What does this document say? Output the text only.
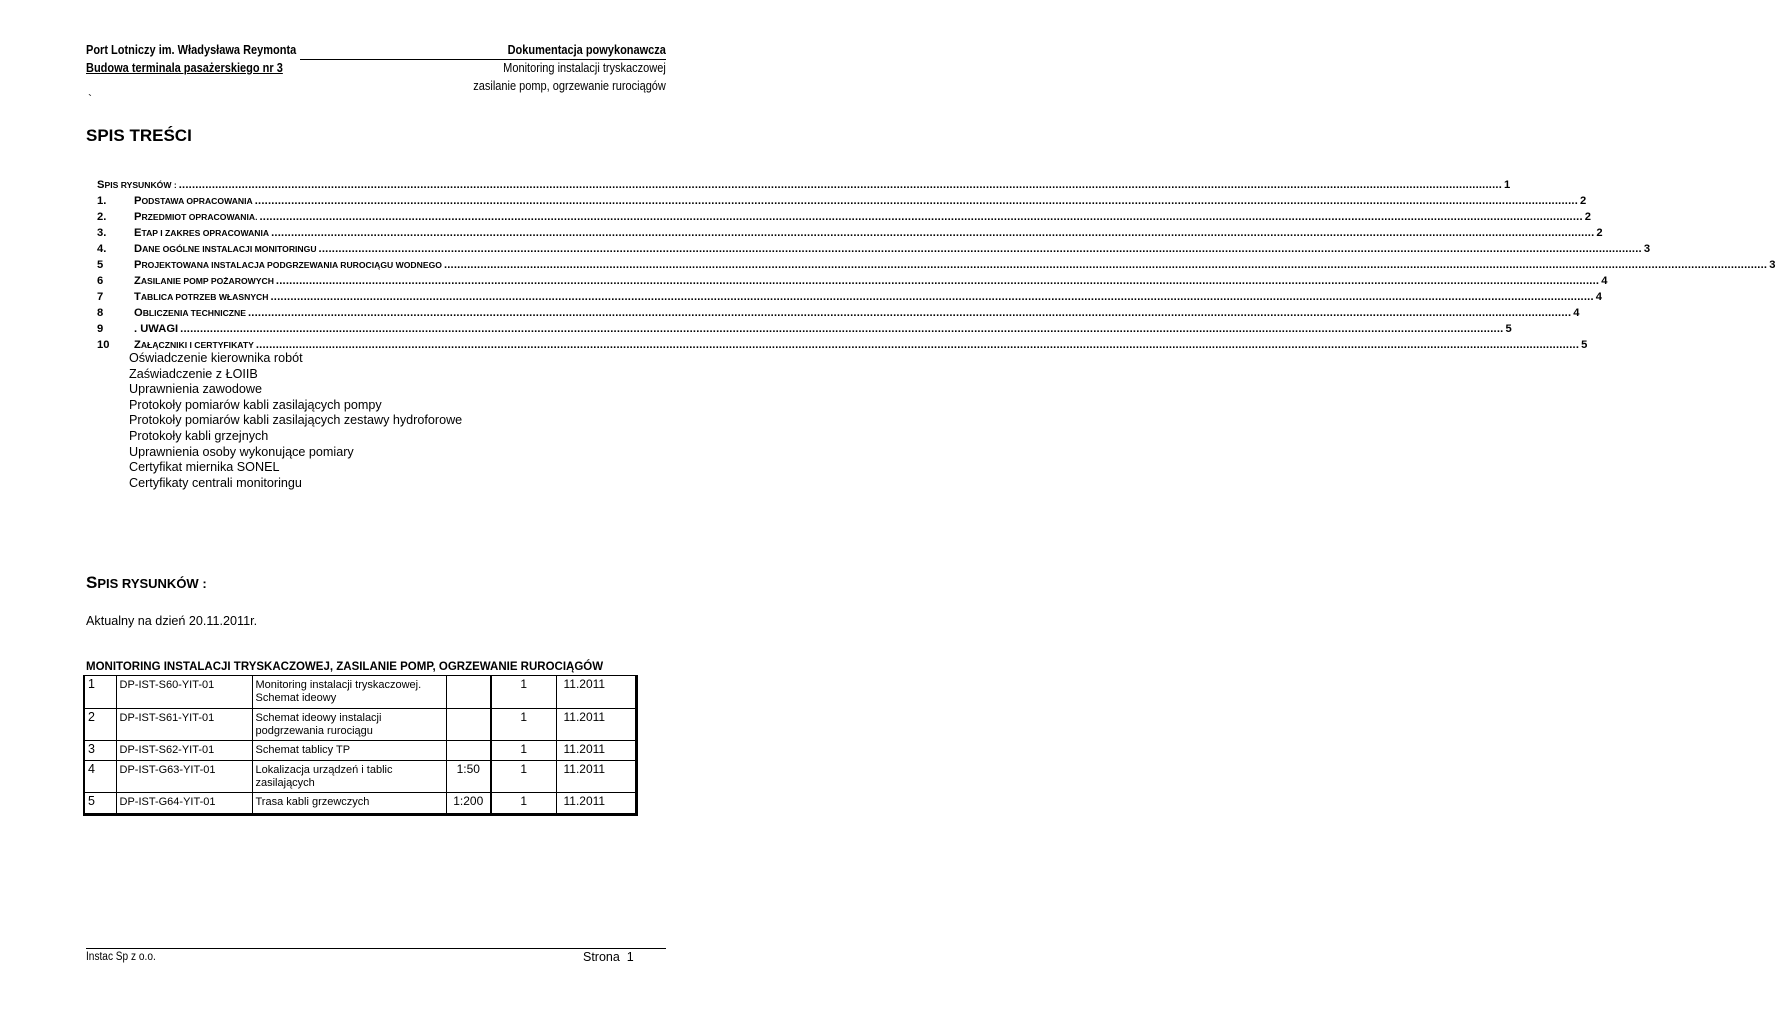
Port Lotniczy im. Władysława Reymonta
Budowa terminala pasażerskiego nr 3
Dokumentacja powykonawcza
Monitoring instalacji tryskaczowej
zasilanie pomp, ogrzewanie rurociągów
`
SPIS TREŚCI
SPIS RYSUNKÓW : ................................................................................................................................................................................................................................................................................................................................................................................................................ 1
1.	PODSTAWA OPRACOWANIA ................................................................................................................................................................................................................................................................................................................................................................................................................ 2
2.	PRZEDMIOT OPRACOWANIA. ................................................................................................................................................................................................................................................................................................................................................................................................................ 2
3.	ETAP I ZAKRES OPRACOWANIA ................................................................................................................................................................................................................................................................................................................................................................................................................ 2
4.	DANE OGÓLNE INSTALACJI MONITORINGU ................................................................................................................................................................................................................................................................................................................................................................................................................ 3
5	PROJEKTOWANA INSTALACJA PODGRZEWANIA RUROCIĄGU WODNEGO ................................................................................................................................................................................................................................................................................................................................................................................................................ 3
6	ZASILANIE POMP POŻAROWYCH ................................................................................................................................................................................................................................................................................................................................................................................................................ 4
7	TABLICA POTRZEB WŁASNYCH ................................................................................................................................................................................................................................................................................................................................................................................................................ 4
8	OBLICZENIA TECHNICZNE ................................................................................................................................................................................................................................................................................................................................................................................................................ 4
9	. UWAGI ................................................................................................................................................................................................................................................................................................................................................................................................................ 5
10	ZAŁĄCZNIKI I CERTYFIKATY ................................................................................................................................................................................................................................................................................................................................................................................................................ 5
Oświadczenie kierownika robót
Zaświadczenie z ŁOIIB
Uprawnienia zawodowe
Protokoły pomiarów kabli zasilających pompy
Protokoły pomiarów kabli zasilających zestawy hydroforowe
Protokoły kabli grzejnych
Uprawnienia osoby wykonujące pomiary
Certyfikat miernika SONEL
Certyfikaty centrali monitoringu
SPIS RYSUNKÓW :
Aktualny na dzień 20.11.2011r.
MONITORING INSTALACJI TRYSKACZOWEJ, ZASILANIE POMP, OGRZEWANIE RUROCIĄGÓW
1	DP-IST-S60-YIT-01	Monitoring instalacji tryskaczowej. Schemat ideowy		1	11.2011
2	DP-IST-S61-YIT-01	Schemat ideowy instalacji podgrzewania rurociągu		1	11.2011
3	DP-IST-S62-YIT-01	Schemat tablicy TP		1	11.2011
4	DP-IST-G63-YIT-01	Lokalizacja urządzeń i tablic zasilających	1:50	1	11.2011
5	DP-IST-G64-YIT-01	Trasa kabli grzewczych	1:200	1	11.2011
Instac Sp z o.o.	Strona 1
